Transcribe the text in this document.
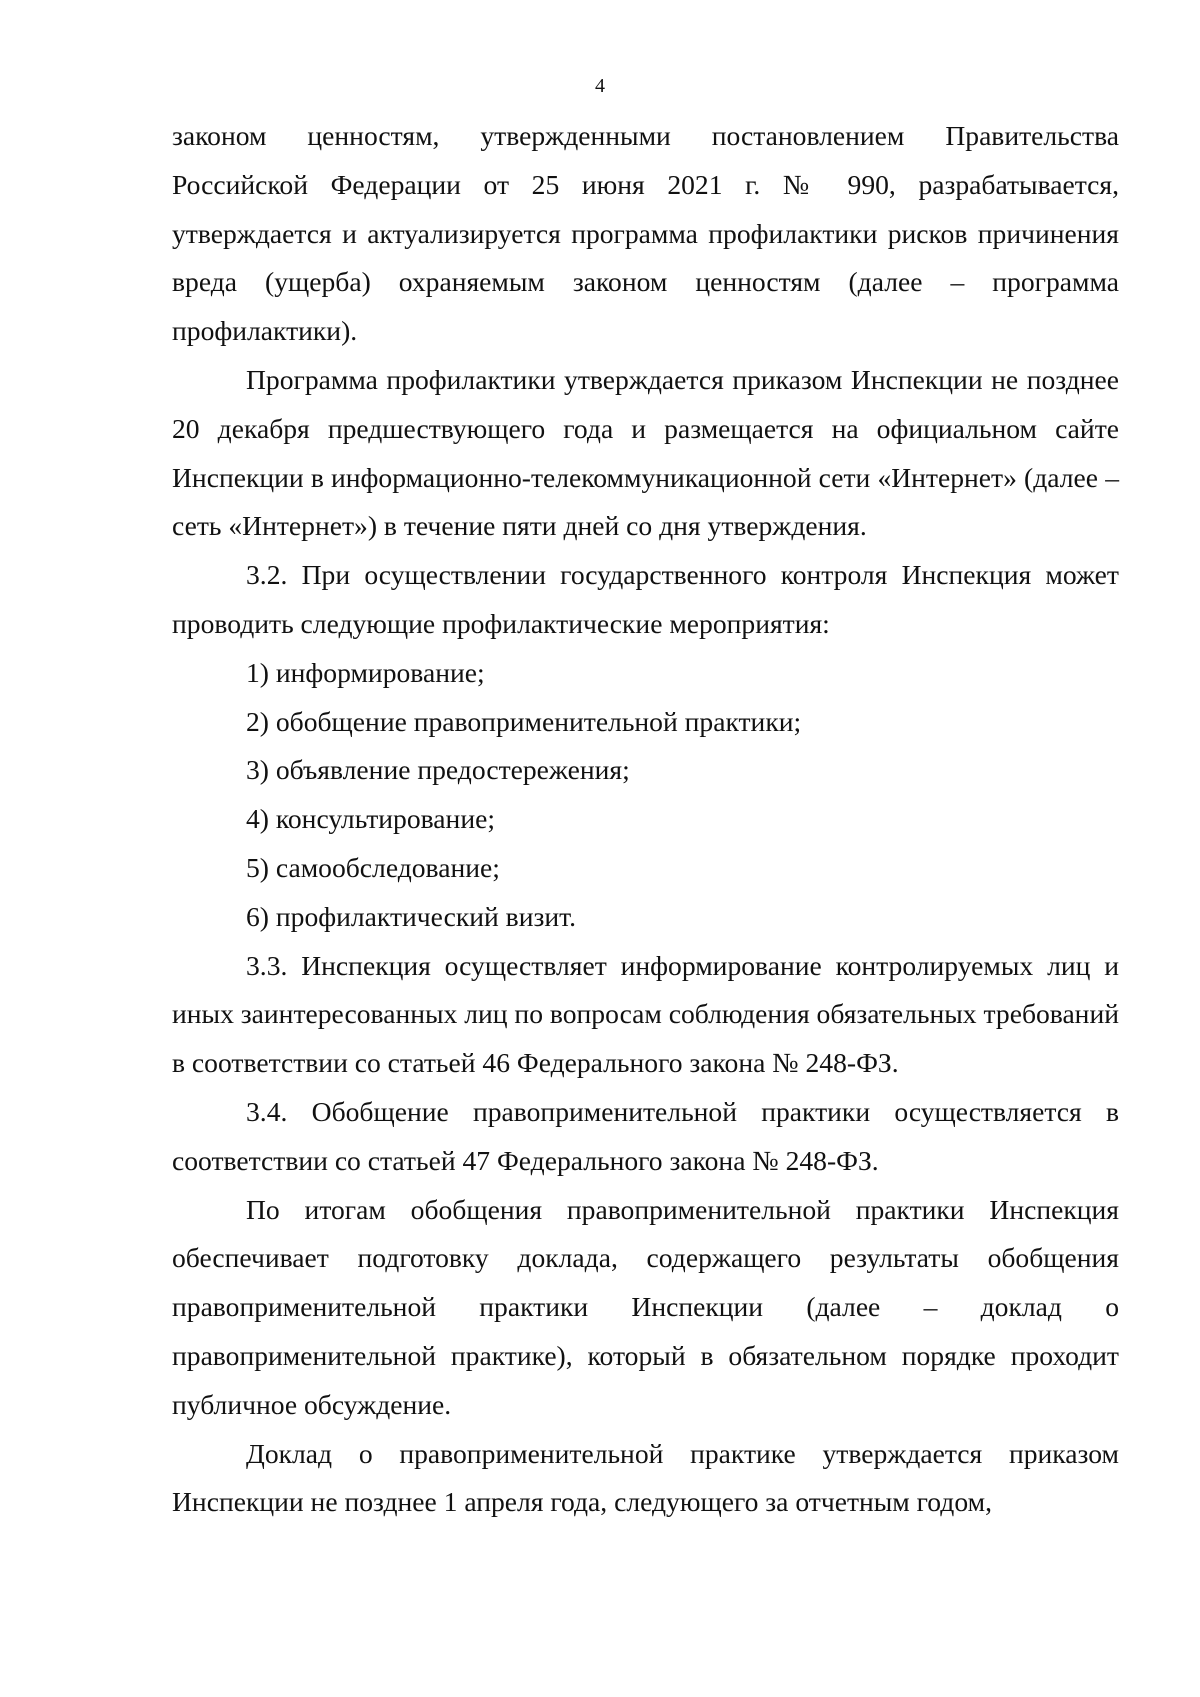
4

законом ценностям, утвержденными постановлением Правительства Российской Федерации от 25 июня 2021 г. № 990, разрабатывается, утверждается и актуализируется программа профилактики рисков причинения вреда (ущерба) охраняемым законом ценностям (далее – программа профилактики).

Программа профилактики утверждается приказом Инспекции не позднее 20 декабря предшествующего года и размещается на официальном сайте Инспекции в информационно-телекоммуникационной сети «Интернет» (далее – сеть «Интернет») в течение пяти дней со дня утверждения.

3.2. При осуществлении государственного контроля Инспекция может проводить следующие профилактические мероприятия:

1) информирование;

2) обобщение правоприменительной практики;

3) объявление предостережения;

4) консультирование;

5) самообследование;

6) профилактический визит.

3.3. Инспекция осуществляет информирование контролируемых лиц и иных заинтересованных лиц по вопросам соблюдения обязательных требований в соответствии со статьей 46 Федерального закона № 248-ФЗ.

3.4. Обобщение правоприменительной практики осуществляется в соответствии со статьей 47 Федерального закона № 248-ФЗ.

По итогам обобщения правоприменительной практики Инспекция обеспечивает подготовку доклада, содержащего результаты обобщения правоприменительной практики Инспекции (далее – доклад о правоприменительной практике), который в обязательном порядке проходит публичное обсуждение.

Доклад о правоприменительной практике утверждается приказом Инспекции не позднее 1 апреля года, следующего за отчетным годом,
